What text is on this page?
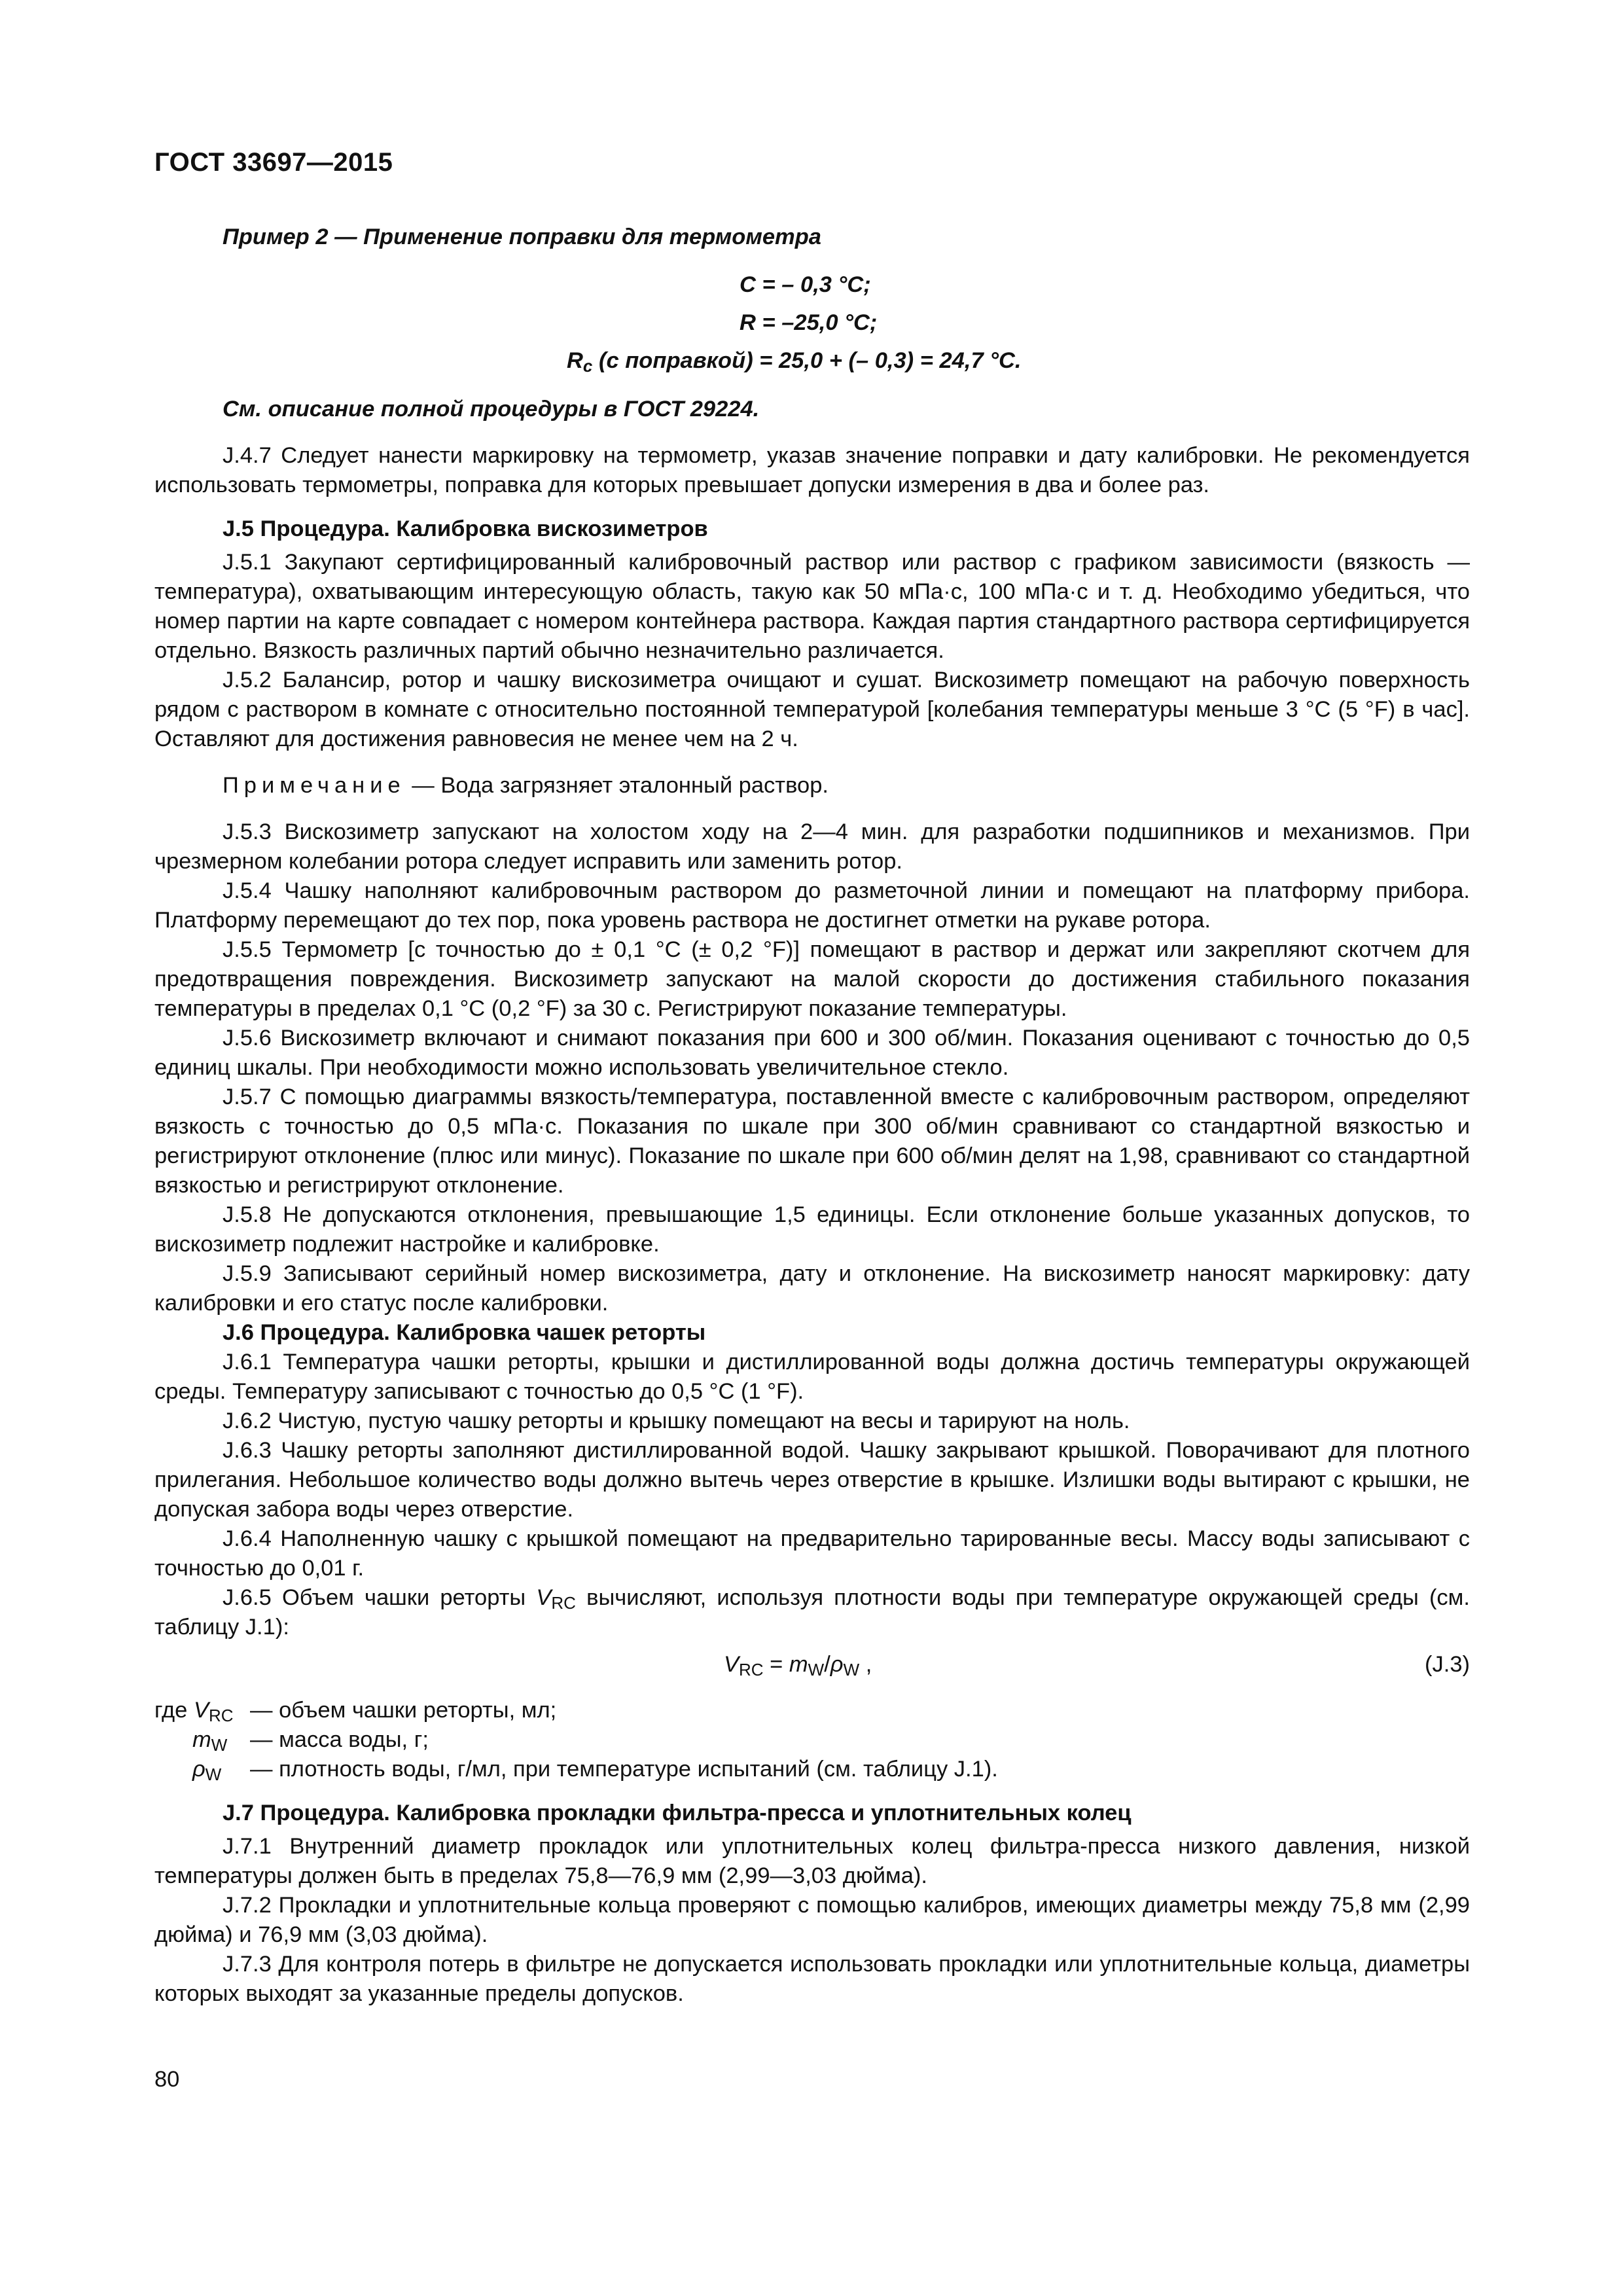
ГОСТ 33697—2015

Пример 2 — Применение поправки для термометра

C = – 0,3 °C;
R = –25,0 °C;
$R_c$ (с поправкой) = 25,0 + (– 0,3) = 24,7 °C.

См. описание полной процедуры в ГОСТ 29224.

J.4.7 Следует нанести маркировку на термометр, указав значение поправки и дату калибровки. Не рекомендуется использовать термометры, поправка для которых превышает допуски измерения в два и более раз.

J.5 Процедура. Калибровка вискозиметров

J.5.1 Закупают сертифицированный калибровочный раствор или раствор с графиком зависимости (вязкость — температура), охватывающим интересующую область, такую как 50 мПа·с, 100 мПа·с и т. д. Необходимо убедиться, что номер партии на карте совпадает с номером контейнера раствора. Каждая партия стандартного раствора сертифицируется отдельно. Вязкость различных партий обычно незначительно различается.

J.5.2 Балансир, ротор и чашку вискозиметра очищают и сушат. Вискозиметр помещают на рабочую поверхность рядом с раствором в комнате с относительно постоянной температурой [колебания температуры меньше 3 °C (5 °F) в час]. Оставляют для достижения равновесия не менее чем на 2 ч.

Примечание — Вода загрязняет эталонный раствор.

J.5.3 Вискозиметр запускают на холостом ходу на 2—4 мин. для разработки подшипников и механизмов. При чрезмерном колебании ротора следует исправить или заменить ротор.

J.5.4 Чашку наполняют калибровочным раствором до разметочной линии и помещают на платформу прибора. Платформу перемещают до тех пор, пока уровень раствора не достигнет отметки на рукаве ротора.

J.5.5 Термометр [с точностью до ± 0,1 °C (± 0,2 °F)] помещают в раствор и держат или закрепляют скотчем для предотвращения повреждения. Вискозиметр запускают на малой скорости до достижения стабильного показания температуры в пределах 0,1 °C (0,2 °F) за 30 с. Регистрируют показание температуры.

J.5.6 Вискозиметр включают и снимают показания при 600 и 300 об/мин. Показания оценивают с точностью до 0,5 единиц шкалы. При необходимости можно использовать увеличительное стекло.

J.5.7 С помощью диаграммы вязкость/температура, поставленной вместе с калибровочным раствором, определяют вязкость с точностью до 0,5 мПа·с. Показания по шкале при 300 об/мин сравнивают со стандартной вязкостью и регистрируют отклонение (плюс или минус). Показание по шкале при 600 об/мин делят на 1,98, сравнивают со стандартной вязкостью и регистрируют отклонение.

J.5.8 Не допускаются отклонения, превышающие 1,5 единицы. Если отклонение больше указанных допусков, то вискозиметр подлежит настройке и калибровке.

J.5.9 Записывают серийный номер вискозиметра, дату и отклонение. На вискозиметр наносят маркировку: дату калибровки и его статус после калибровки.

J.6 Процедура. Калибровка чашек реторты

J.6.1 Температура чашки реторты, крышки и дистиллированной воды должна достичь температуры окружающей среды. Температуру записывают с точностью до 0,5 °C (1 °F).

J.6.2 Чистую, пустую чашку реторты и крышку помещают на весы и тарируют на ноль.

J.6.3 Чашку реторты заполняют дистиллированной водой. Чашку закрывают крышкой. Поворачивают для плотного прилегания. Небольшое количество воды должно вытечь через отверстие в крышке. Излишки воды вытирают с крышки, не допуская забора воды через отверстие.

J.6.4 Наполненную чашку с крышкой помещают на предварительно тарированные весы. Массу воды записывают с точностью до 0,01 г.

J.6.5 Объем чашки реторты $V_{RC}$ вычисляют, используя плотности воды при температуре окружающей среды (см. таблицу J.1):

$V_{RC} = m_W/\rho_W$ ,	(J.3)
где $V_{RC}$ — объем чашки реторты, мл;
$m_W$ — масса воды, г;
$\rho_W$ — плотность воды, г/мл, при температуре испытаний (см. таблицу J.1).

J.7 Процедура. Калибровка прокладки фильтра-пресса и уплотнительных колец

J.7.1 Внутренний диаметр прокладок или уплотнительных колец фильтра-пресса низкого давления, низкой температуры должен быть в пределах 75,8—76,9 мм (2,99—3,03 дюйма).

J.7.2 Прокладки и уплотнительные кольца проверяют с помощью калибров, имеющих диаметры между 75,8 мм (2,99 дюйма) и 76,9 мм (3,03 дюйма).

J.7.3 Для контроля потерь в фильтре не допускается использовать прокладки или уплотнительные кольца, диаметры которых выходят за указанные пределы допусков.

80
